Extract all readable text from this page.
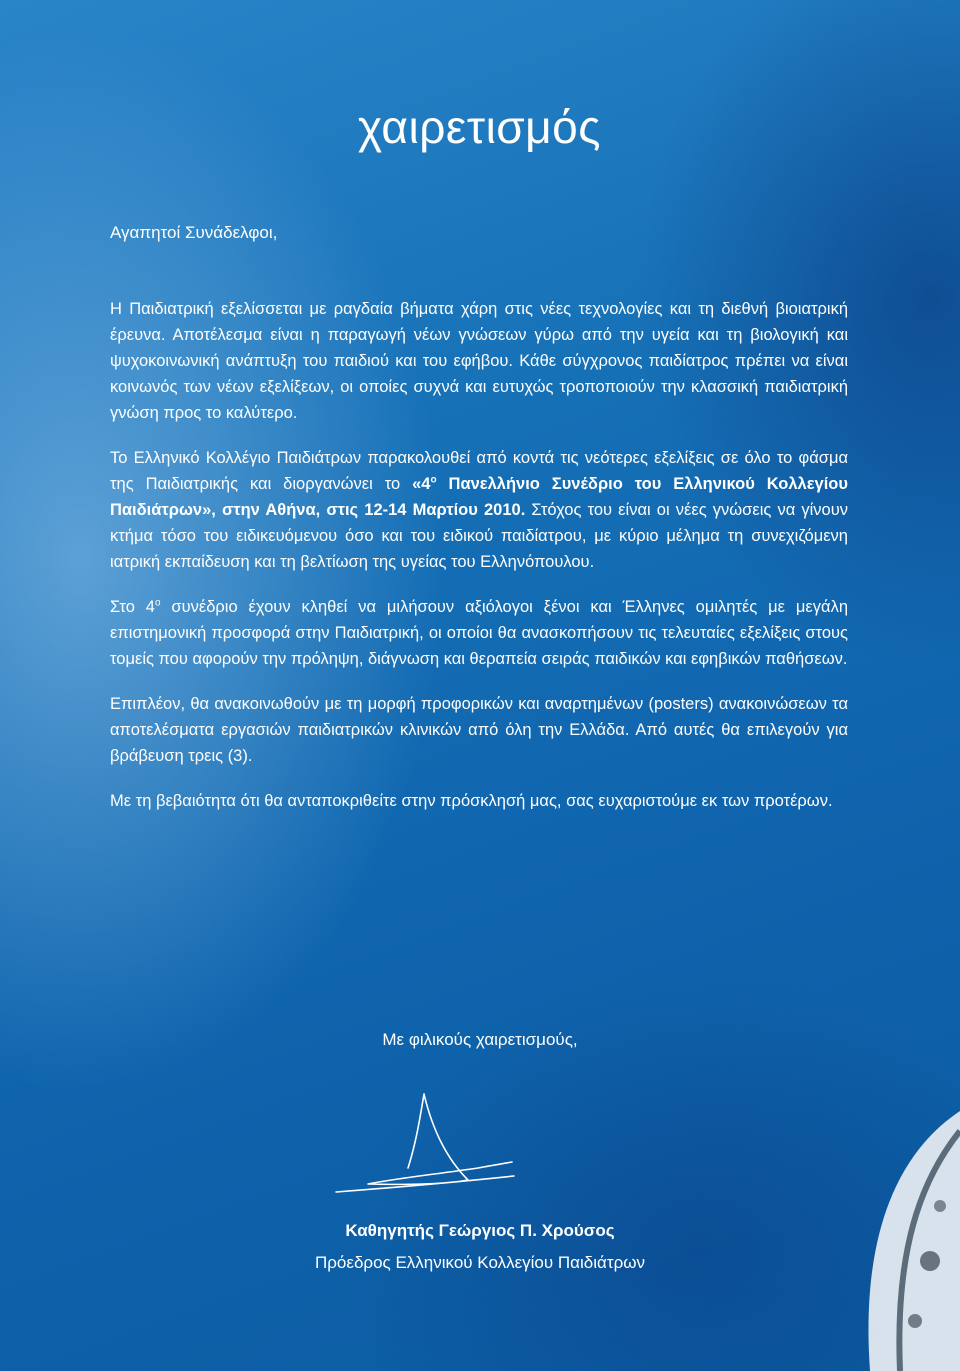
χαιρετισμός

Αγαπητοί Συνάδελφοι,

Η Παιδιατρική εξελίσσεται με ραγδαία βήματα χάρη στις νέες τεχνολογίες και τη διεθνή βιοιατρική έρευνα. Αποτέλεσμα είναι η παραγωγή νέων γνώσεων γύρω από την υγεία και τη βιολογική και ψυχοκοινωνική ανάπτυξη του παιδιού και του εφήβου. Κάθε σύγχρονος παιδίατρος πρέπει να είναι κοινωνός των νέων εξελίξεων, οι οποίες συχνά και ευτυχώς τροποποιούν την κλασσική παιδιατρική γνώση προς το καλύτερο.

Το Ελληνικό Κολλέγιο Παιδιάτρων παρακολουθεί από κοντά τις νεότερες εξελίξεις σε όλο το φάσμα της Παιδιατρικής και διοργανώνει το «$4^o$ Πανελλήνιο Συνέδριο του Ελληνικού Κολλεγίου Παιδιάτρων», στην Αθήνα, στις 12-14 Μαρτίου 2010. Στόχος του είναι οι νέες γνώσεις να γίνουν κτήμα τόσο του ειδικευόμενου όσο και του ειδικού παιδίατρου, με κύριο μέλημα τη συνεχιζόμενη ιατρική εκπαίδευση και τη βελτίωση της υγείας του Ελληνόπουλου.

Στο $4^o$ συνέδριο έχουν κληθεί να μιλήσουν αξιόλογοι ξένοι και Έλληνες ομιλητές με μεγάλη επιστημονική προσφορά στην Παιδιατρική, οι οποίοι θα ανασκοπήσουν τις τελευταίες εξελίξεις στους τομείς που αφορούν την πρόληψη, διάγνωση και θεραπεία σειράς παιδικών και εφηβικών παθήσεων.

Επιπλέον, θα ανακοινωθούν με τη μορφή προφορικών και αναρτημένων (posters) ανακοινώσεων τα αποτελέσματα εργασιών παιδιατρικών κλινικών από όλη την Ελλάδα. Από αυτές θα επιλεγούν για βράβευση τρεις (3).

Με τη βεβαιότητα ότι θα ανταποκριθείτε στην πρόσκλησή μας, σας ευχαριστούμε εκ των προτέρων.

Με φιλικούς χαιρετισμούς,

Καθηγητής Γεώργιος Π. Χρούσος

Πρόεδρος Ελληνικού Κολλεγίου Παιδιάτρων
